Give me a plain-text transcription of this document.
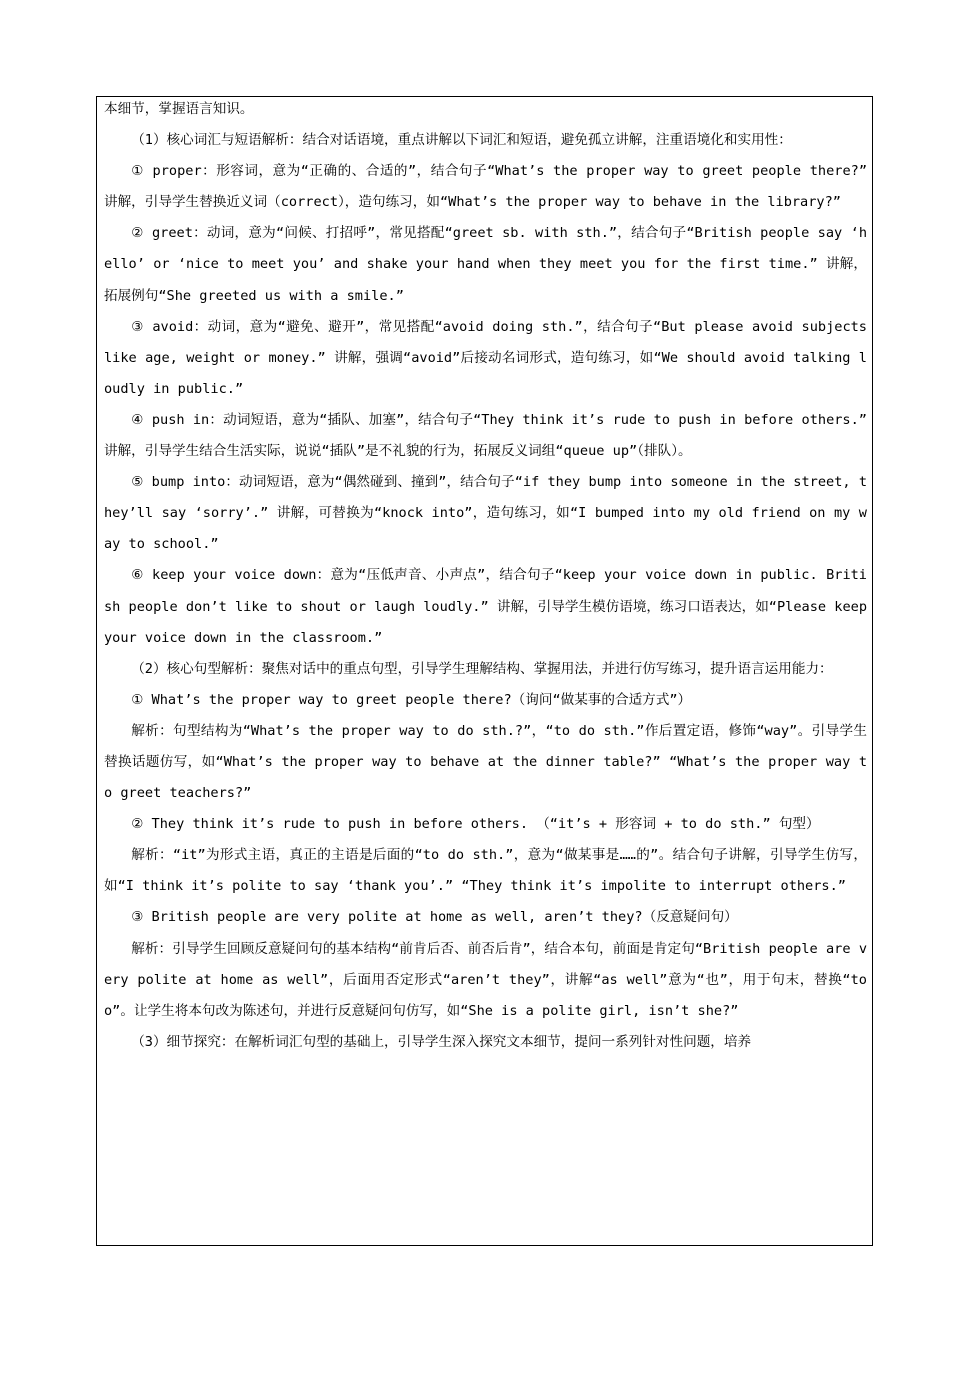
本细节，掌握语言知识。

（1）核心词汇与短语解析：结合对话语境，重点讲解以下词汇和短语，避免孤立讲解，注重语境化和实用性：

① proper：形容词，意为“正确的、合适的”，结合句子“What’s the proper way to greet people there?” 讲解，引导学生替换近义词（correct），造句练习，如“What’s the proper way to behave in the library?”

② greet：动词，意为“问候、打招呼”，常见搭配“greet sb. with sth.”，结合句子“British people say ‘hello’ or ‘nice to meet you’ and shake your hand when they meet you for the first time.” 讲解，拓展例句“She greeted us with a smile.”

③ avoid：动词，意为“避免、避开”，常见搭配“avoid doing sth.”，结合句子“But please avoid subjects like age, weight or money.” 讲解，强调“avoid”后接动名词形式，造句练习，如“We should avoid talking loudly in public.”

④ push in：动词短语，意为“插队、加塞”，结合句子“They think it’s rude to push in before others.” 讲解，引导学生结合生活实际，说说“插队”是不礼貌的行为，拓展反义词组“queue up”（排队）。

⑤ bump into：动词短语，意为“偶然碰到、撞到”，结合句子“if they bump into someone in the street, they’ll say ‘sorry’.” 讲解，可替换为“knock into”，造句练习，如“I bumped into my old friend on my way to school.”

⑥ keep your voice down：意为“压低声音、小声点”，结合句子“keep your voice down in public. British people don’t like to shout or laugh loudly.” 讲解，引导学生模仿语境，练习口语表达，如“Please keep your voice down in the classroom.”

（2）核心句型解析：聚焦对话中的重点句型，引导学生理解结构、掌握用法，并进行仿写练习，提升语言运用能力：

① What’s the proper way to greet people there?（询问“做某事的合适方式”）

解析：句型结构为“What’s the proper way to do sth.?”，“to do sth.”作后置定语，修饰“way”。引导学生替换话题仿写，如“What’s the proper way to behave at the dinner table?” “What’s the proper way to greet teachers?”

② They think it’s rude to push in before others. （“it’s + 形容词 + to do sth.” 句型）

解析：“it”为形式主语，真正的主语是后面的“to do sth.”，意为“做某事是……的”。结合句子讲解，引导学生仿写，如“I think it’s polite to say ‘thank you’.” “They think it’s impolite to interrupt others.”

③ British people are very polite at home as well, aren’t they?（反意疑问句）

解析：引导学生回顾反意疑问句的基本结构“前肯后否、前否后肯”，结合本句，前面是肯定句“British people are very polite at home as well”，后面用否定形式“aren’t they”，讲解“as well”意为“也”，用于句末，替换“too”。让学生将本句改为陈述句，并进行反意疑问句仿写，如“She is a polite girl, isn’t she?”

（3）细节探究：在解析词汇句型的基础上，引导学生深入探究文本细节，提问一系列针对性问题，培养
